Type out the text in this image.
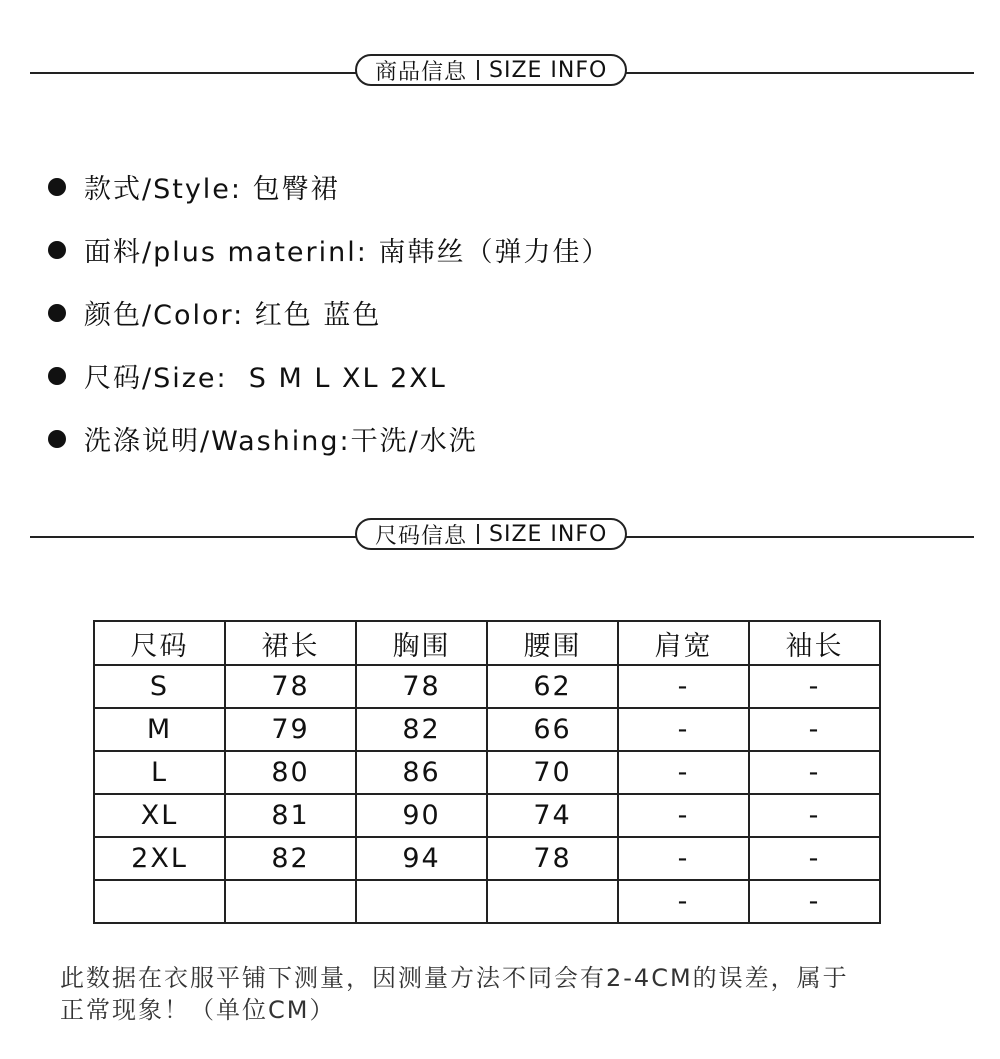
商品信息 SIZE INFO
款式/Style: 包臀裙
面料/plus materinl: 南韩丝（弹力佳）
颜色/Color: 红色 蓝色
尺码/Size:  S M L XL 2XL
洗涤说明/Washing:干洗/水洗
尺码信息 SIZE INFO
尺码	裙长	胸围	腰围	肩宽	袖长
S	78	78	62	-	-
M	79	82	66	-	-
L	80	86	70	-	-
XL	81	90	74	-	-
2XL	82	94	78	-	-
				-	-

此数据在衣服平铺下测量，因测量方法不同会有2-4CM的误差，属于
正常现象！（单位CM）
